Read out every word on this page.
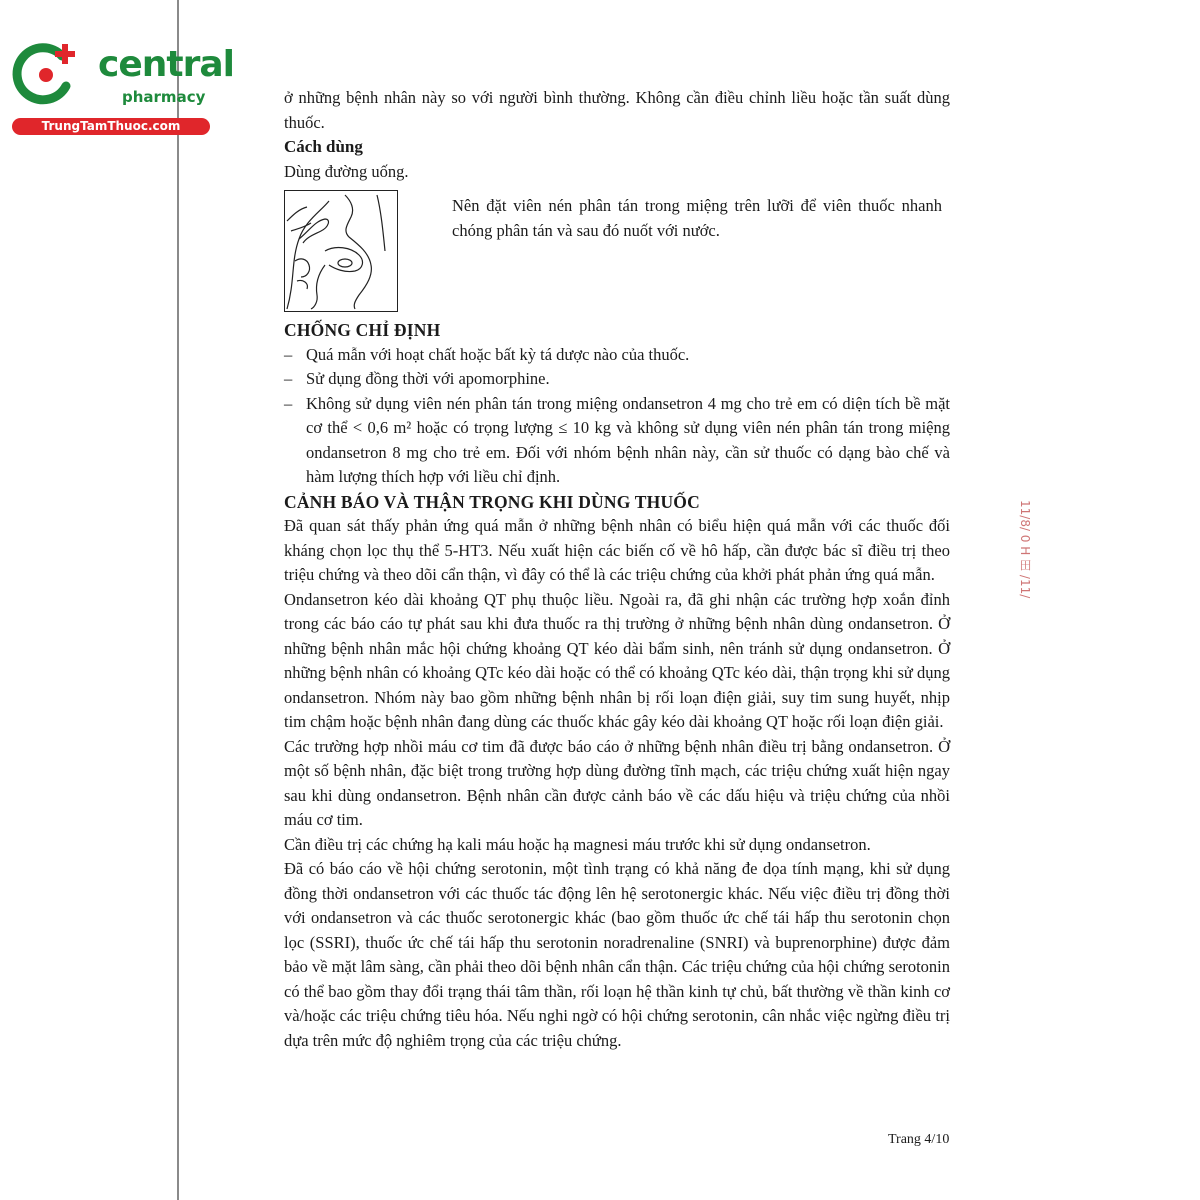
central
pharmacy
TrungTamThuoc.com

ở những bệnh nhân này so với người bình thường. Không cần điều chỉnh liều hoặc tần suất dùng thuốc.

Cách dùng

Dùng đường uống.

Nên đặt viên nén phân tán trong miệng trên lưỡi để viên thuốc nhanh chóng phân tán và sau đó nuốt với nước.

CHỐNG CHỈ ĐỊNH

– Quá mẫn với hoạt chất hoặc bất kỳ tá dược nào của thuốc.
– Sử dụng đồng thời với apomorphine.
– Không sử dụng viên nén phân tán trong miệng ondansetron 4 mg cho trẻ em có diện tích bề mặt cơ thể < 0,6 m² hoặc có trọng lượng ≤ 10 kg và không sử dụng viên nén phân tán trong miệng ondansetron 8 mg cho trẻ em. Đối với nhóm bệnh nhân này, cần sử thuốc có dạng bào chế và hàm lượng thích hợp với liều chỉ định.

CẢNH BÁO VÀ THẬN TRỌNG KHI DÙNG THUỐC

Đã quan sát thấy phản ứng quá mẫn ở những bệnh nhân có biểu hiện quá mẫn với các thuốc đối kháng chọn lọc thụ thể 5-HT3. Nếu xuất hiện các biến cố về hô hấp, cần được bác sĩ điều trị theo triệu chứng và theo dõi cẩn thận, vì đây có thể là các triệu chứng của khởi phát phản ứng quá mẫn.

Ondansetron kéo dài khoảng QT phụ thuộc liều. Ngoài ra, đã ghi nhận các trường hợp xoắn đỉnh trong các báo cáo tự phát sau khi đưa thuốc ra thị trường ở những bệnh nhân dùng ondansetron. Ở những bệnh nhân mắc hội chứng khoảng QT kéo dài bẩm sinh, nên tránh sử dụng ondansetron. Ở những bệnh nhân có khoảng QTc kéo dài hoặc có thể có khoảng QTc kéo dài, thận trọng khi sử dụng ondansetron. Nhóm này bao gồm những bệnh nhân bị rối loạn điện giải, suy tim sung huyết, nhịp tim chậm hoặc bệnh nhân đang dùng các thuốc khác gây kéo dài khoảng QT hoặc rối loạn điện giải.

Các trường hợp nhồi máu cơ tim đã được báo cáo ở những bệnh nhân điều trị bằng ondansetron. Ở một số bệnh nhân, đặc biệt trong trường hợp dùng đường tĩnh mạch, các triệu chứng xuất hiện ngay sau khi dùng ondansetron. Bệnh nhân cần được cảnh báo về các dấu hiệu và triệu chứng của nhồi máu cơ tim.

Cần điều trị các chứng hạ kali máu hoặc hạ magnesi máu trước khi sử dụng ondansetron.

Đã có báo cáo về hội chứng serotonin, một tình trạng có khả năng đe dọa tính mạng, khi sử dụng đồng thời ondansetron với các thuốc tác động lên hệ serotonergic khác. Nếu việc điều trị đồng thời với ondansetron và các thuốc serotonergic khác (bao gồm thuốc ức chế tái hấp thu serotonin chọn lọc (SSRI), thuốc ức chế tái hấp thu serotonin noradrenaline (SNRI) và buprenorphine) được đảm bảo về mặt lâm sàng, cần phải theo dõi bệnh nhân cẩn thận. Các triệu chứng của hội chứng serotonin có thể bao gồm thay đổi trạng thái tâm thần, rối loạn hệ thần kinh tự chủ, bất thường về thần kinh cơ và/hoặc các triệu chứng tiêu hóa. Nếu nghi ngờ có hội chứng serotonin, cân nhắc việc ngừng điều trị dựa trên mức độ nghiêm trọng của các triệu chứng.

11/8/ 0 H 田 /11/
Trang 4/10
